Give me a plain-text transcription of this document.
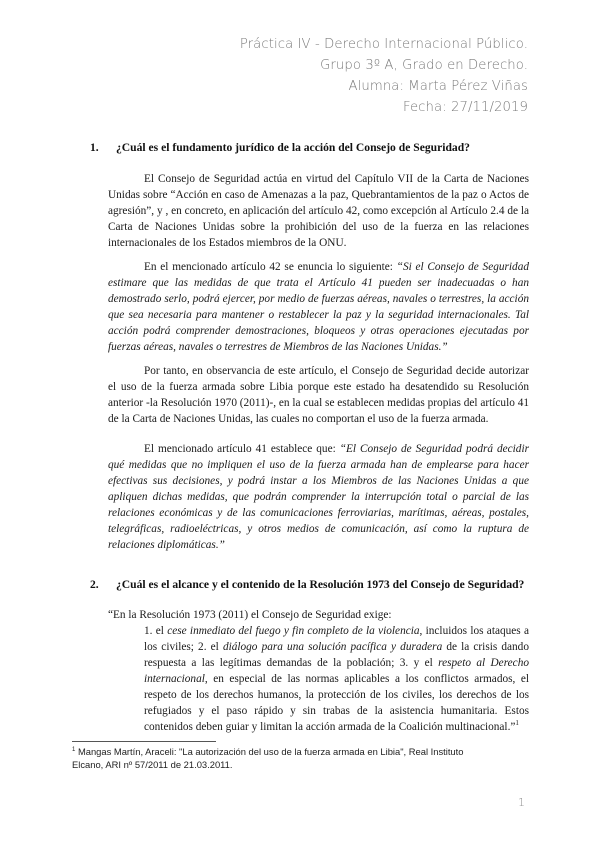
Práctica IV - Derecho Internacional Público.
Grupo 3º A, Grado en Derecho.
Alumna: Marta Pérez Viñas
Fecha: 27/11/2019
1. ¿Cuál es el fundamento jurídico de la acción del Consejo de Seguridad?
El Consejo de Seguridad actúa en virtud del Capítulo VII de la Carta de Naciones Unidas sobre “Acción en caso de Amenazas a la paz, Quebrantamientos de la paz o Actos de agresión”, y , en concreto, en aplicación del artículo 42, como excepción al Artículo 2.4 de la Carta de Naciones Unidas sobre la prohibición del uso de la fuerza en las relaciones internacionales de los Estados miembros de la ONU.
En el mencionado artículo 42 se enuncia lo siguiente: “Si el Consejo de Seguridad estimare que las medidas de que trata el Artículo 41 pueden ser inadecuadas o han demostrado serlo, podrá ejercer, por medio de fuerzas aéreas, navales o terrestres, la acción que sea necesaria para mantener o restablecer la paz y la seguridad internacionales. Tal acción podrá comprender demostraciones, bloqueos y otras operaciones ejecutadas por fuerzas aéreas, navales o terrestres de Miembros de las Naciones Unidas.”
Por tanto, en observancia de este artículo, el Consejo de Seguridad decide autorizar el uso de la fuerza armada sobre Libia porque este estado ha desatendido su Resolución anterior -la Resolución 1970 (2011)-, en la cual se establecen medidas propias del artículo 41 de la Carta de Naciones Unidas, las cuales no comportan el uso de la fuerza armada.
El mencionado artículo 41 establece que: “El Consejo de Seguridad podrá decidir qué medidas que no impliquen el uso de la fuerza armada han de emplearse para hacer efectivas sus decisiones, y podrá instar a los Miembros de las Naciones Unidas a que apliquen dichas medidas, que podrán comprender la interrupción total o parcial de las relaciones económicas y de las comunicaciones ferroviarias, marítimas, aéreas, postales, telegráficas, radioeléctricas, y otros medios de comunicación, así como la ruptura de relaciones diplomáticas.”
2. ¿Cuál es el alcance y el contenido de la Resolución 1973 del Consejo de Seguridad?
“En la Resolución 1973 (2011) el Consejo de Seguridad exige:
1. el cese inmediato del fuego y fin completo de la violencia, incluidos los ataques a los civiles; 2. el diálogo para una solución pacífica y duradera de la crisis dando respuesta a las legítimas demandas de la población; 3. y el respeto al Derecho internacional, en especial de las normas aplicables a los conflictos armados, el respeto de los derechos humanos, la protección de los civiles, los derechos de los refugiados y el paso rápido y sin trabas de la asistencia humanitaria. Estos contenidos deben guiar y limitan la acción armada de la Coalición multinacional.”$^1$
$^1$ Mangas Martín, Araceli: "La autorización del uso de la fuerza armada en Libia", Real Instituto Elcano, ARI nº 57/2011 de 21.03.2011.
1
